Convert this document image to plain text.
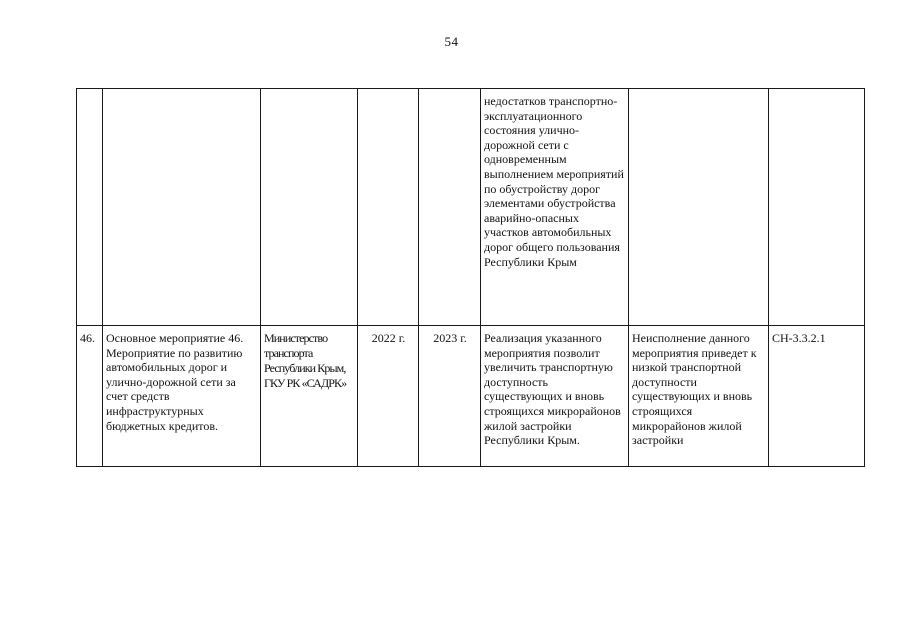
54
					недостатков транспортно-эксплуатационного состояния улично-дорожной сети с одновременным выполнением мероприятий по обустройству дорог элементами обустройства аварийно-опасных участков автомобильных дорог общего пользования Республики Крым		
46.	Основное мероприятие 46. Мероприятие по развитию автомобильных дорог и улично-дорожной сети за счет средств инфраструктурных бюджетных кредитов.	Министерство транспорта Республики Крым, ГКУ РК «САДРК»	2022 г.	2023 г.	Реализация указанного мероприятия позволит увеличить транспортную доступность существующих и вновь строящихся микрорайонов жилой застройки Республики Крым.	Неисполнение данного мероприятия приведет к низкой транспортной доступности существующих и вновь строящихся микрорайонов жилой застройки	СН-3.3.2.1
